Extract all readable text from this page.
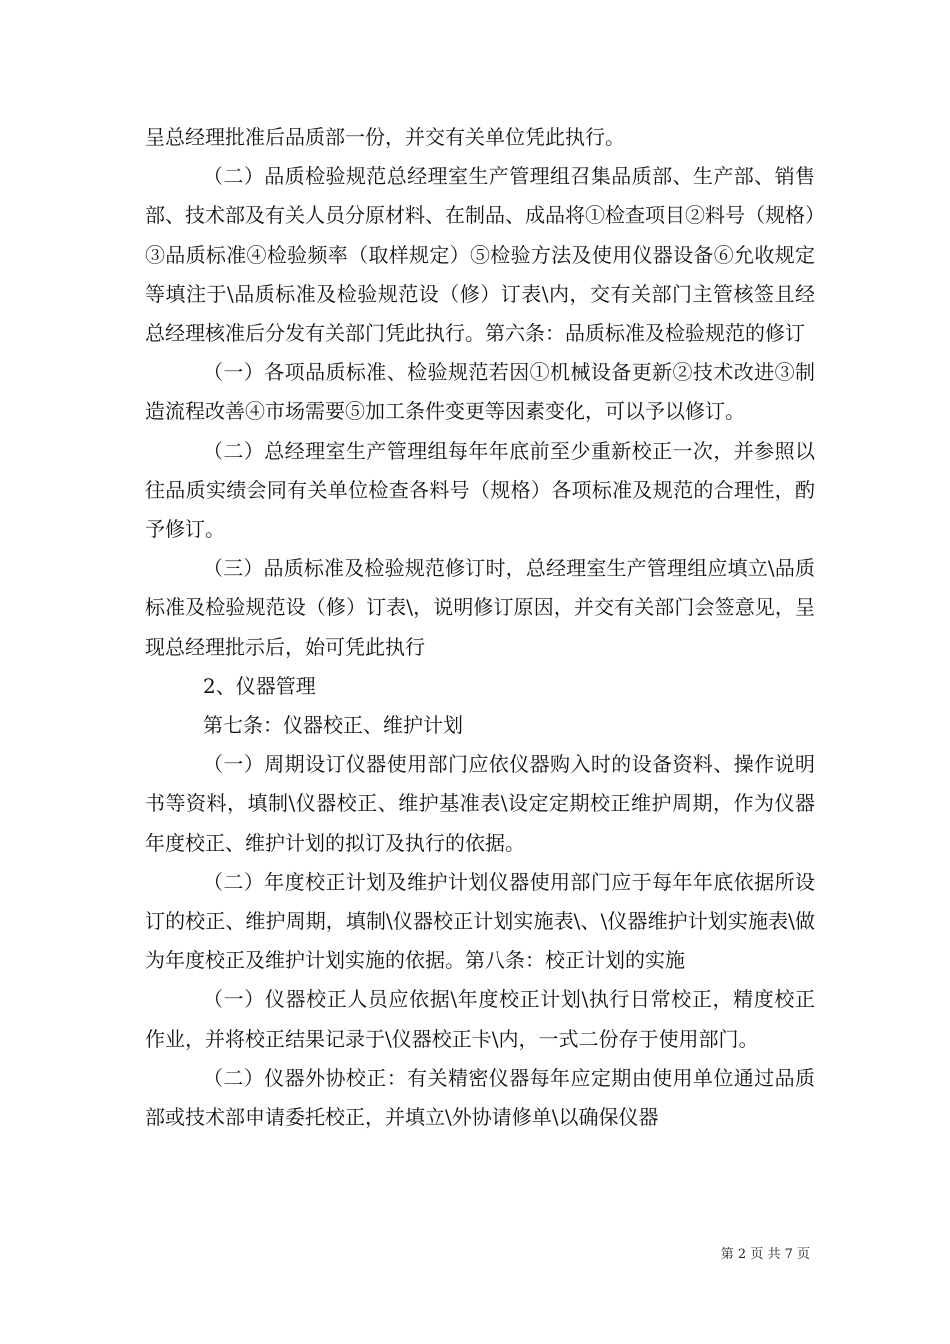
呈总经理批准后品质部一份，并交有关单位凭此执行。

（二）品质检验规范总经理室生产管理组召集品质部、生产部、销售部、技术部及有关人员分原材料、在制品、成品将①检查项目②料号（规格）③品质标准④检验频率（取样规定）⑤检验方法及使用仪器设备⑥允收规定等填注于\品质标准及检验规范设（修）订表\内，交有关部门主管核签且经总经理核准后分发有关部门凭此执行。第六条：品质标准及检验规范的修订

（一）各项品质标准、检验规范若因①机械设备更新②技术改进③制造流程改善④市场需要⑤加工条件变更等因素变化，可以予以修订。

（二）总经理室生产管理组每年年底前至少重新校正一次，并参照以往品质实绩会同有关单位检查各料号（规格）各项标准及规范的合理性，酌予修订。

（三）品质标准及检验规范修订时，总经理室生产管理组应填立\品质标准及检验规范设（修）订表\，说明修订原因，并交有关部门会签意见，呈现总经理批示后，始可凭此执行

2、仪器管理

第七条：仪器校正、维护计划

（一）周期设订仪器使用部门应依仪器购入时的设备资料、操作说明书等资料，填制\仪器校正、维护基准表\设定定期校正维护周期，作为仪器年度校正、维护计划的拟订及执行的依据。

（二）年度校正计划及维护计划仪器使用部门应于每年年底依据所设订的校正、维护周期，填制\仪器校正计划实施表\、\仪器维护计划实施表\做为年度校正及维护计划实施的依据。第八条：校正计划的实施

（一）仪器校正人员应依据\年度校正计划\执行日常校正，精度校正作业，并将校正结果记录于\仪器校正卡\内，一式二份存于使用部门。

（二）仪器外协校正：有关精密仪器每年应定期由使用单位通过品质部或技术部申请委托校正，并填立\外协请修单\以确保仪器

第 2 页 共 7 页
